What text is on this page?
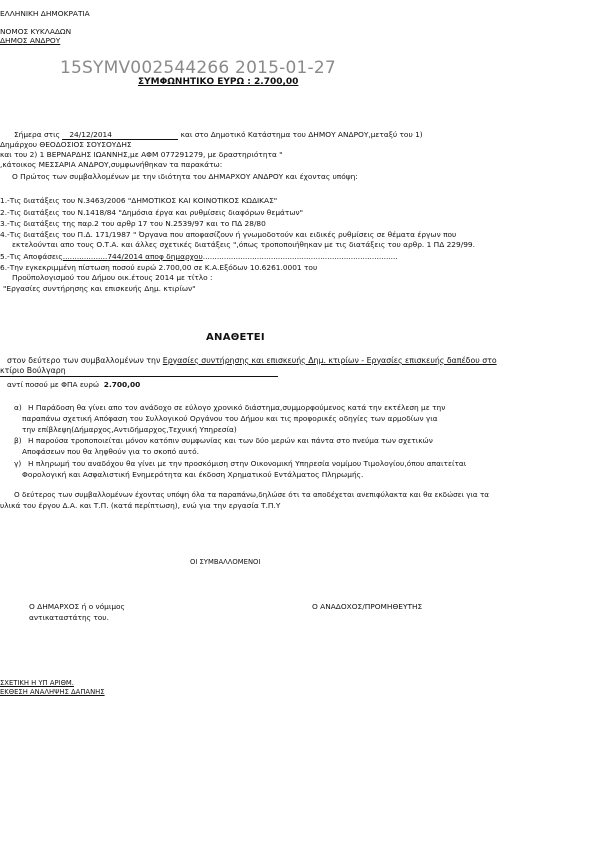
ΕΛΛΗΝΙΚΗ ΔΗΜΟΚΡΑΤΙΑ
ΝΟΜΟΣ ΚΥΚΛΑΔΩΝ
ΔΗΜΟΣ ΑΝΔΡΟΥ
15SYMV002544266 2015-01-27
ΣΥΜΦΩΝΗΤΙΚΟ ΕΥΡΩ : 2.700,00
Σήμερα στις 24/12/2014	και στο Δημοτικό Κατάστημα του ΔΗΜΟΥ ΑΝΔΡΟΥ,μεταξύ του 1)
Δημάρχου ΘΕΟΔΟΣΙΟΣ ΣΟΥΣΟΥΔΗΣ
και του 2) 1 ΒΕΡΝΑΡΔΗΣ ΙΩΑΝΝΗΣ,με ΑΦΜ 077291279, με δραστηριότητα "
,κάτοικος ΜΕΣΣΑΡΙΑ ΑΝΔΡΟΥ,συμφωνήθηκαν τα παρακάτω:
Ο Πρώτος των συμβαλλομένων με την ιδιότητα του ΔΗΜΑΡΧΟΥ ΑΝΔΡΟΥ και έχοντας υπόψη:
1.-Τις διατάξεις του Ν.3463/2006 "ΔΗΜΟΤΙΚΟΣ ΚΑΙ ΚΟΙΝΟΤΙΚΟΣ ΚΩΔΙΚΑΣ"
2.-Τις διατάξεις του Ν.1418/84 "Δημόσια έργα και ρυθμίσεις διαφόρων θεμάτων"
3.-Τις διατάξεις της παρ.2 του αρθρ 17 του Ν.2539/97 και το ΠΔ 28/80
4.-Τις διατάξεις του Π.Δ. 171/1987 " Όργανα που αποφασίζουν ή γνωμοδοτούν και ειδικές ρυθμίσεις σε θέματα έργων που
εκτελούνται απο τους Ο.Τ.Α. και άλλες σχετικές διατάξεις ",όπως τροποποιήθηκαν με τις διατάξεις του αρθρ. 1 ΠΔ 229/99.
5.-Τις Αποφάσεις...................744/2014 αποφ δημαρχου...................................................................................
6.-Την εγκεκριμμένη πίστωση ποσού ευρώ 2.700,00 σε Κ.Α.Εξόδων 10.6261.0001 του
Προϋπολογισμού του Δήμου οικ.έτους 2014 με τίτλο :
"Εργασίες συντήρησης και επισκευής Δημ. κτιρίων"
ΑΝΑΘΕΤΕΙ
στον δεύτερο των συμβαλλομένων την Εργασίες συντήρησης και επισκευής Δημ. κτιρίων - Εργασίες επισκευής δαπέδου στο
κτίριο Βούλγαρη
αντί ποσού με ΦΠΑ ευρώ 2.700,00
α) Η Παράδοση θα γίνει απο τον ανάδοχο σε εύλογο χρονικό διάστημα,συμμορφούμενος κατά την εκτέλεση με την
παραπάνω σχετική Απόφαση του Συλλογικού Οργάνου του Δήμου και τις προφορικές οδηγίες των αρμοδίων για
την επίβλεψη(Δήμαρχος,Αντιδήμαρχος,Τεχνική Υπηρεσία)
β) Η παρούσα τροποποιείται μόνον κατόπιν συμφωνίας και των δύο μερών και πάντα στο πνεύμα των σχετικών
Αποφάσεων που θα ληφθούν για το σκοπό αυτό.
γ) Η πληρωμή του αναδόχου θα γίνει με την προσκόμιση στην Οικονομική Υπηρεσία νομίμου Τιμολογίου,όπου απαιτείται
Φορολογική και Ασφαλιστική Ενημερότητα και έκδοση Χρηματικού Εντάλματος Πληρωμής.
Ο δεύτερος των συμβαλλομένων έχοντας υπόψη όλα τα παραπάνω,δηλώσε ότι τα αποδέχεται ανεπιφύλακτα και θα εκδώσει για τα
υλικά του έργου Δ.Α. και Τ.Π. (κατά περίπτωση), ενώ για την εργασία Τ.Π.Υ
ΟΙ ΣΥΜΒΑΛΛΟΜΕΝΟΙ
Ο ΔΗΜΑΡΧΟΣ ή ο νόμιμος
αντικαταστάτης του.
Ο ΑΝΑΔΟΧΟΣ/ΠΡΟΜΗΘΕΥΤΗΣ
ΣΧΕΤΙΚΗ Η ΥΠ ΑΡΙΘΜ.
ΕΚΘΕΣΗ ΑΝΑΛΗΨΗΣ ΔΑΠΑΝΗΣ
